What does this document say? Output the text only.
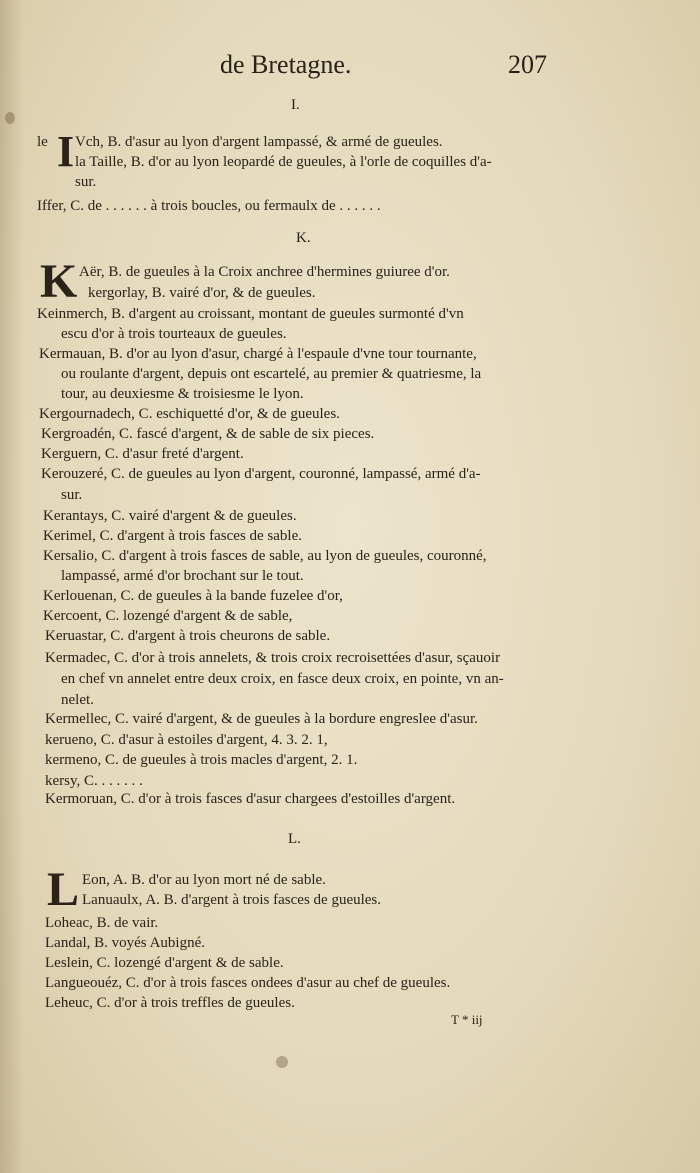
de Bretagne.	207
I.
le I Vch, B. d'asur au lyon d'argent lampassé, & armé de gueules.
la Taille, B. d'or au lyon leopardé de gueules, à l'orle de coquilles d'a-
sur.
Iffer, C. de . . . . . . à trois boucles, ou fermaulx de . . . . . .
K.
K Aër, B. de gueules à la Croix anchree d'hermines guiuree d'or.
kergorlay, B. vairé d'or, & de gueules.
Keinmerch, B. d'argent au croissant, montant de gueules surmonté d'vn
escu d'or à trois tourteaux de gueules.
Kermauan, B. d'or au lyon d'asur, chargé à l'espaule d'vne tour tournante,
ou roulante d'argent, depuis ont escartelé, au premier & quatriesme, la
tour, au deuxiesme & troisiesme le lyon.
Kergournadech, C. eschiquetté d'or, & de gueules.
Kergroadén, C. fascé d'argent, & de sable de six pieces.
Kerguern, C. d'asur freté d'argent.
Kerouzeré, C. de gueules au lyon d'argent, couronné, lampassé, armé d'a-
sur.
Kerantays, C. vairé d'argent & de gueules.
Kerimel, C. d'argent à trois fasces de sable.
Kersalio, C. d'argent à trois fasces de sable, au lyon de gueules, couronné,
lampassé, armé d'or brochant sur le tout.
Kerlouenan, C. de gueules à la bande fuzelee d'or,
Kercoent, C. lozengé d'argent & de sable,
Keruastar, C. d'argent à trois cheurons de sable.
Kermadec, C. d'or à trois annelets, & trois croix recroisettées d'asur, sçauoir
en chef vn annelet entre deux croix, en fasce deux croix, en pointe, vn an-
nelet.
Kermellec, C. vairé d'argent, & de gueules à la bordure engreslee d'asur.
kerueno, C. d'asur à estoiles d'argent, 4. 3. 2. 1,
kermeno, C. de gueules à trois macles d'argent, 2. 1.
kersy, C. . . . . . .
Kermoruan, C. d'or à trois fasces d'asur chargees d'estoilles d'argent.
L.
L Eon, A. B. d'or au lyon mort né de sable.
Lanuaulx, A. B. d'argent à trois fasces de gueules.
Loheac, B. de vair.
Landal, B. voyés Aubigné.
Leslein, C. lozengé d'argent & de sable.
Langueouéz, C. d'or à trois fasces ondees d'asur au chef de gueules.
Leheuc, C. d'or à trois treffles de gueules.
T * iij
